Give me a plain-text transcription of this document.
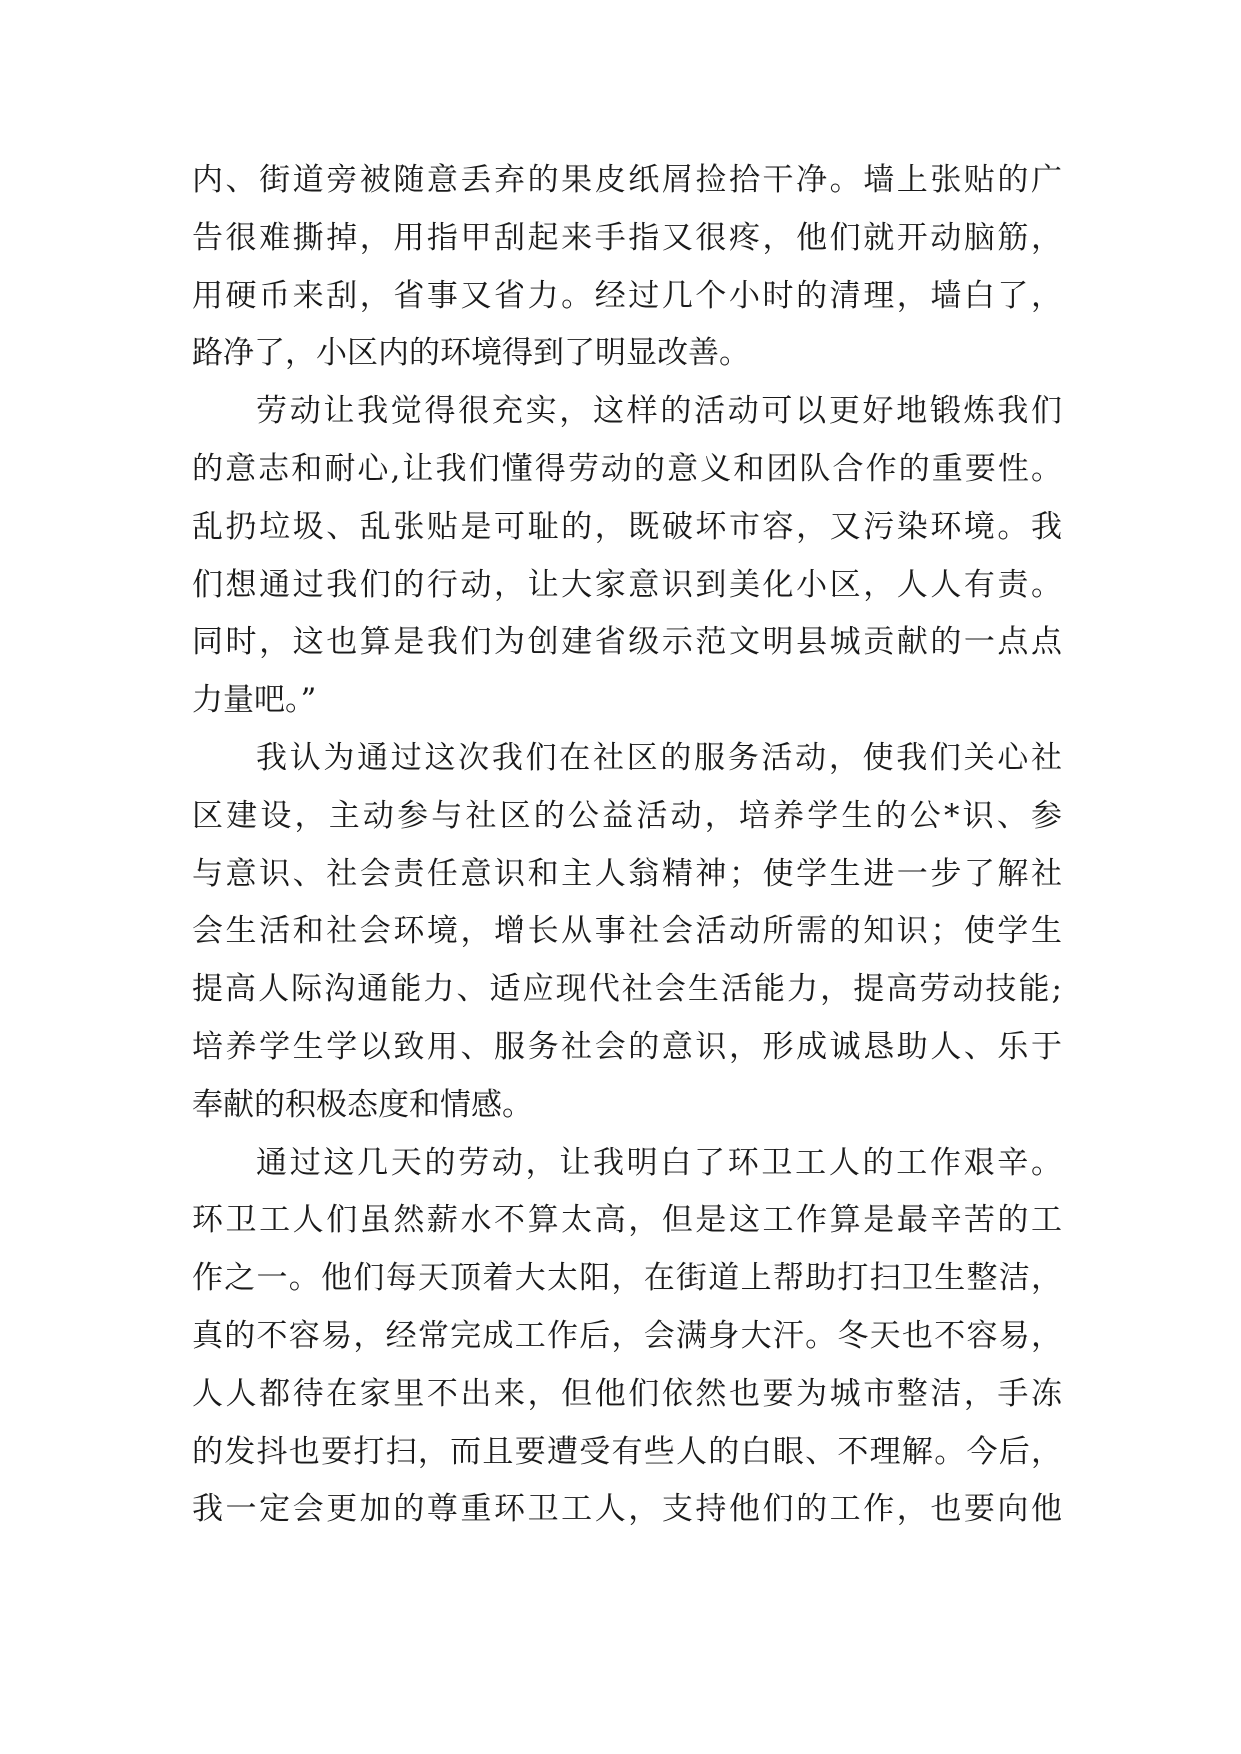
内、街道旁被随意丢弃的果皮纸屑捡拾干净。墙上张贴的广
告很难撕掉，用指甲刮起来手指又很疼，他们就开动脑筋，
用硬币来刮，省事又省力。经过几个小时的清理，墙白了，
路净了，小区内的环境得到了明显改善。
劳动让我觉得很充实，这样的活动可以更好地锻炼我们
的意志和耐心,让我们懂得劳动的意义和团队合作的重要性。
乱扔垃圾、乱张贴是可耻的，既破坏市容，又污染环境。我
们想通过我们的行动，让大家意识到美化小区，人人有责。
同时，这也算是我们为创建省级示范文明县城贡献的一点点
力量吧。”
我认为通过这次我们在社区的服务活动，使我们关心社
区建设，主动参与社区的公益活动，培养学生的公*识、参
与意识、社会责任意识和主人翁精神；使学生进一步了解社
会生活和社会环境，增长从事社会活动所需的知识；使学生
提高人际沟通能力、适应现代社会生活能力，提高劳动技能;
培养学生学以致用、服务社会的意识，形成诚恳助人、乐于
奉献的积极态度和情感。
通过这几天的劳动，让我明白了环卫工人的工作艰辛。
环卫工人们虽然薪水不算太高，但是这工作算是最辛苦的工
作之一。他们每天顶着大太阳，在街道上帮助打扫卫生整洁，
真的不容易，经常完成工作后，会满身大汗。冬天也不容易，
人人都待在家里不出来，但他们依然也要为城市整洁，手冻
的发抖也要打扫，而且要遭受有些人的白眼、不理解。今后，
我一定会更加的尊重环卫工人，支持他们的工作，也要向他
